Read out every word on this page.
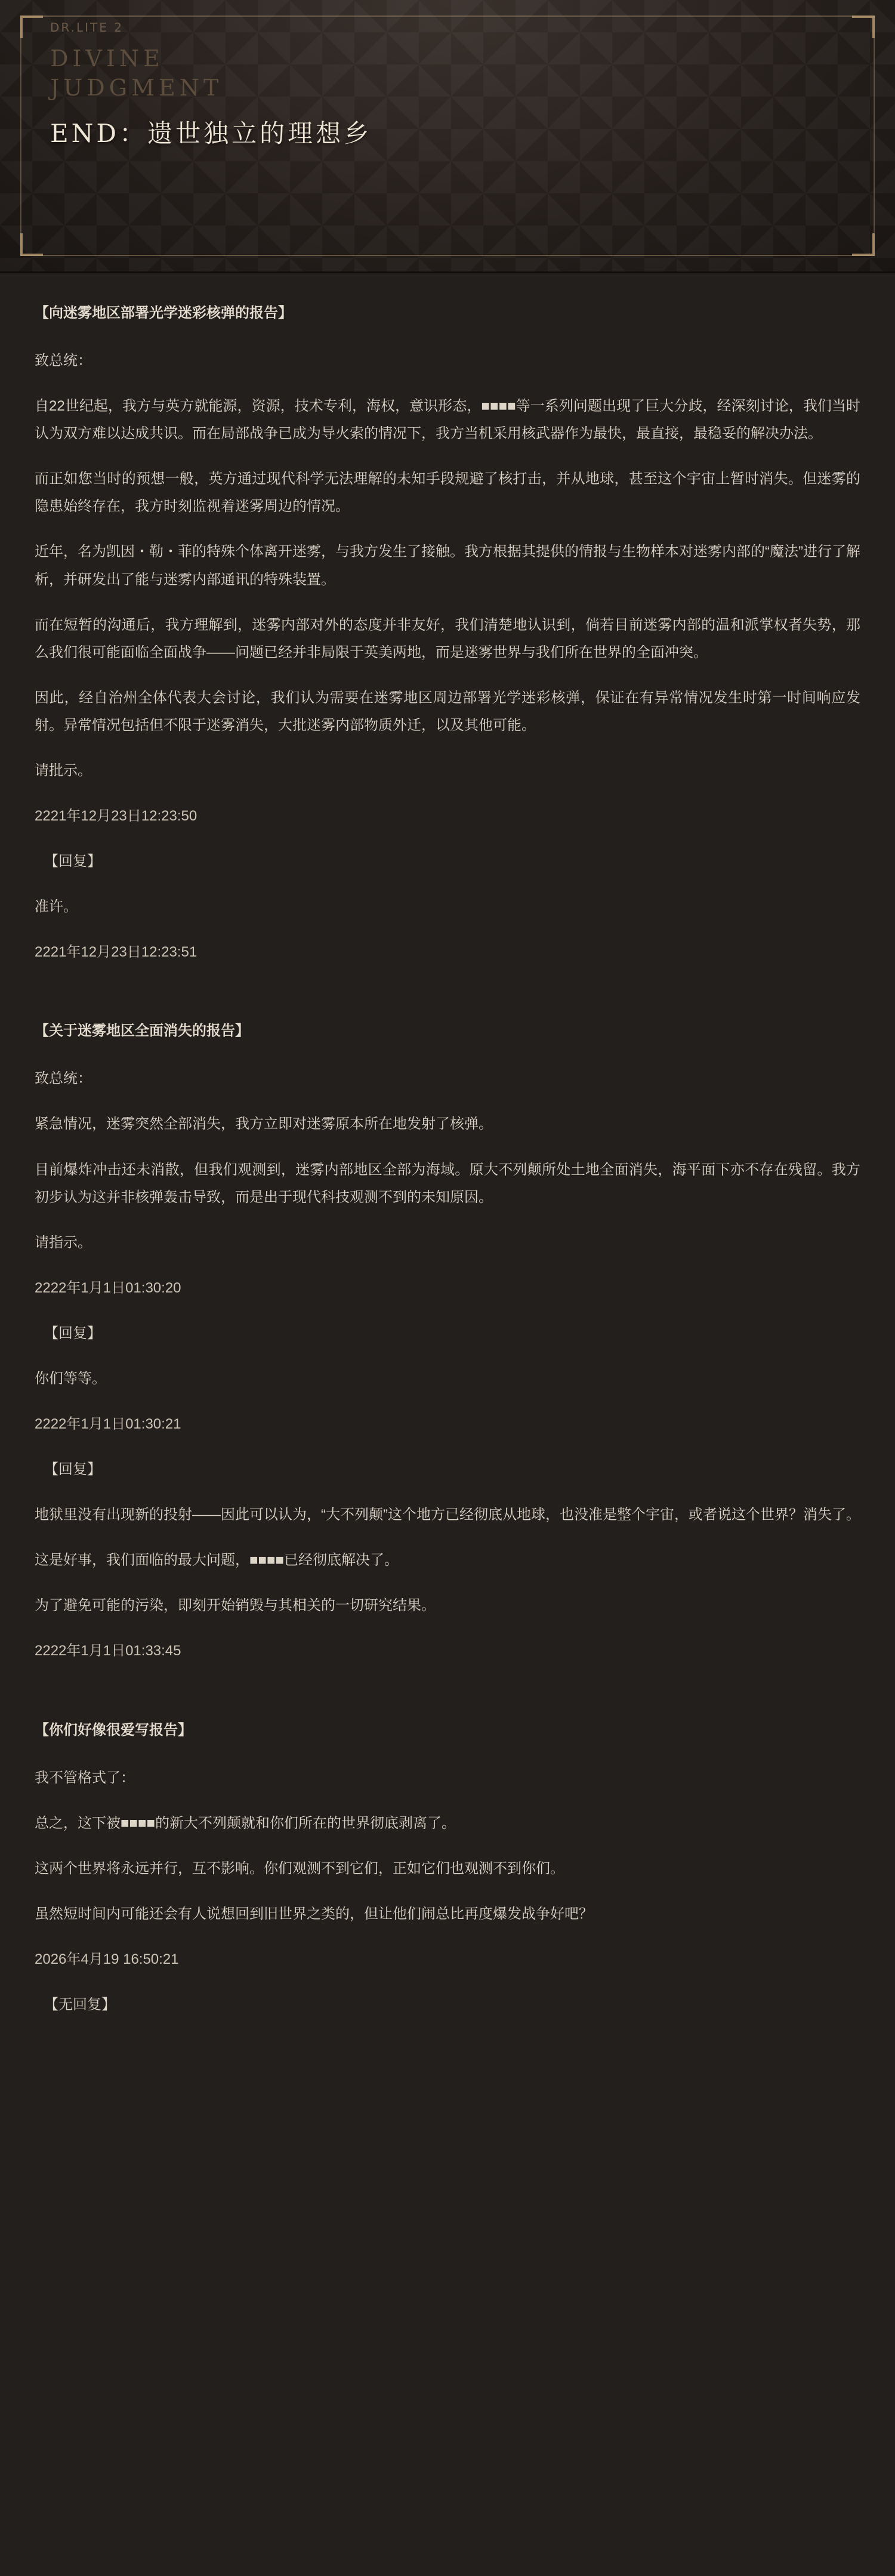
DR.LITE 2
DIVINE
JUDGMENT
END：遗世独立的理想乡
【向迷雾地区部署光学迷彩核弹的报告】

致总统：

自22世纪起，我方与英方就能源，资源，技术专利，海权，意识形态，■■■■等一系列问题出现了巨大分歧，经深刻讨论，我们当时认为双方难以达成共识。而在局部战争已成为导火索的情况下，我方当机采用核武器作为最快，最直接，最稳妥的解决办法。

而正如您当时的预想一般，英方通过现代科学无法理解的未知手段规避了核打击，并从地球，甚至这个宇宙上暂时消失。但迷雾的隐患始终存在，我方时刻监视着迷雾周边的情况。

近年，名为凯因・勒・菲的特殊个体离开迷雾，与我方发生了接触。我方根据其提供的情报与生物样本对迷雾内部的“魔法”进行了解析，并研发出了能与迷雾内部通讯的特殊装置。

而在短暂的沟通后，我方理解到，迷雾内部对外的态度并非友好，我们清楚地认识到，倘若目前迷雾内部的温和派掌权者失势，那么我们很可能面临全面战争——问题已经并非局限于英美两地，而是迷雾世界与我们所在世界的全面冲突。

因此，经自治州全体代表大会讨论，我们认为需要在迷雾地区周边部署光学迷彩核弹，保证在有异常情况发生时第一时间响应发射。异常情况包括但不限于迷雾消失，大批迷雾内部物质外迁，以及其他可能。

请批示。

2221年12月23日12:23:50

【回复】

准许。

2221年12月23日12:23:51

【关于迷雾地区全面消失的报告】

致总统：

紧急情况，迷雾突然全部消失，我方立即对迷雾原本所在地发射了核弹。

目前爆炸冲击还未消散，但我们观测到，迷雾内部地区全部为海域。原大不列颠所处土地全面消失，海平面下亦不存在残留。我方初步认为这并非核弹轰击导致，而是出于现代科技观测不到的未知原因。

请指示。

2222年1月1日01:30:20

【回复】

你们等等。

2222年1月1日01:30:21

【回复】

地狱里没有出现新的投射——因此可以认为，“大不列颠”这个地方已经彻底从地球，也没准是整个宇宙，或者说这个世界？消失了。

这是好事，我们面临的最大问题，■■■■已经彻底解决了。

为了避免可能的污染，即刻开始销毁与其相关的一切研究结果。

2222年1月1日01:33:45

【你们好像很爱写报告】

我不管格式了：

总之，这下被■■■■的新大不列颠就和你们所在的世界彻底剥离了。

这两个世界将永远并行，互不影响。你们观测不到它们，正如它们也观测不到你们。

虽然短时间内可能还会有人说想回到旧世界之类的，但让他们闹总比再度爆发战争好吧？

2026年4月19 16:50:21

【无回复】
